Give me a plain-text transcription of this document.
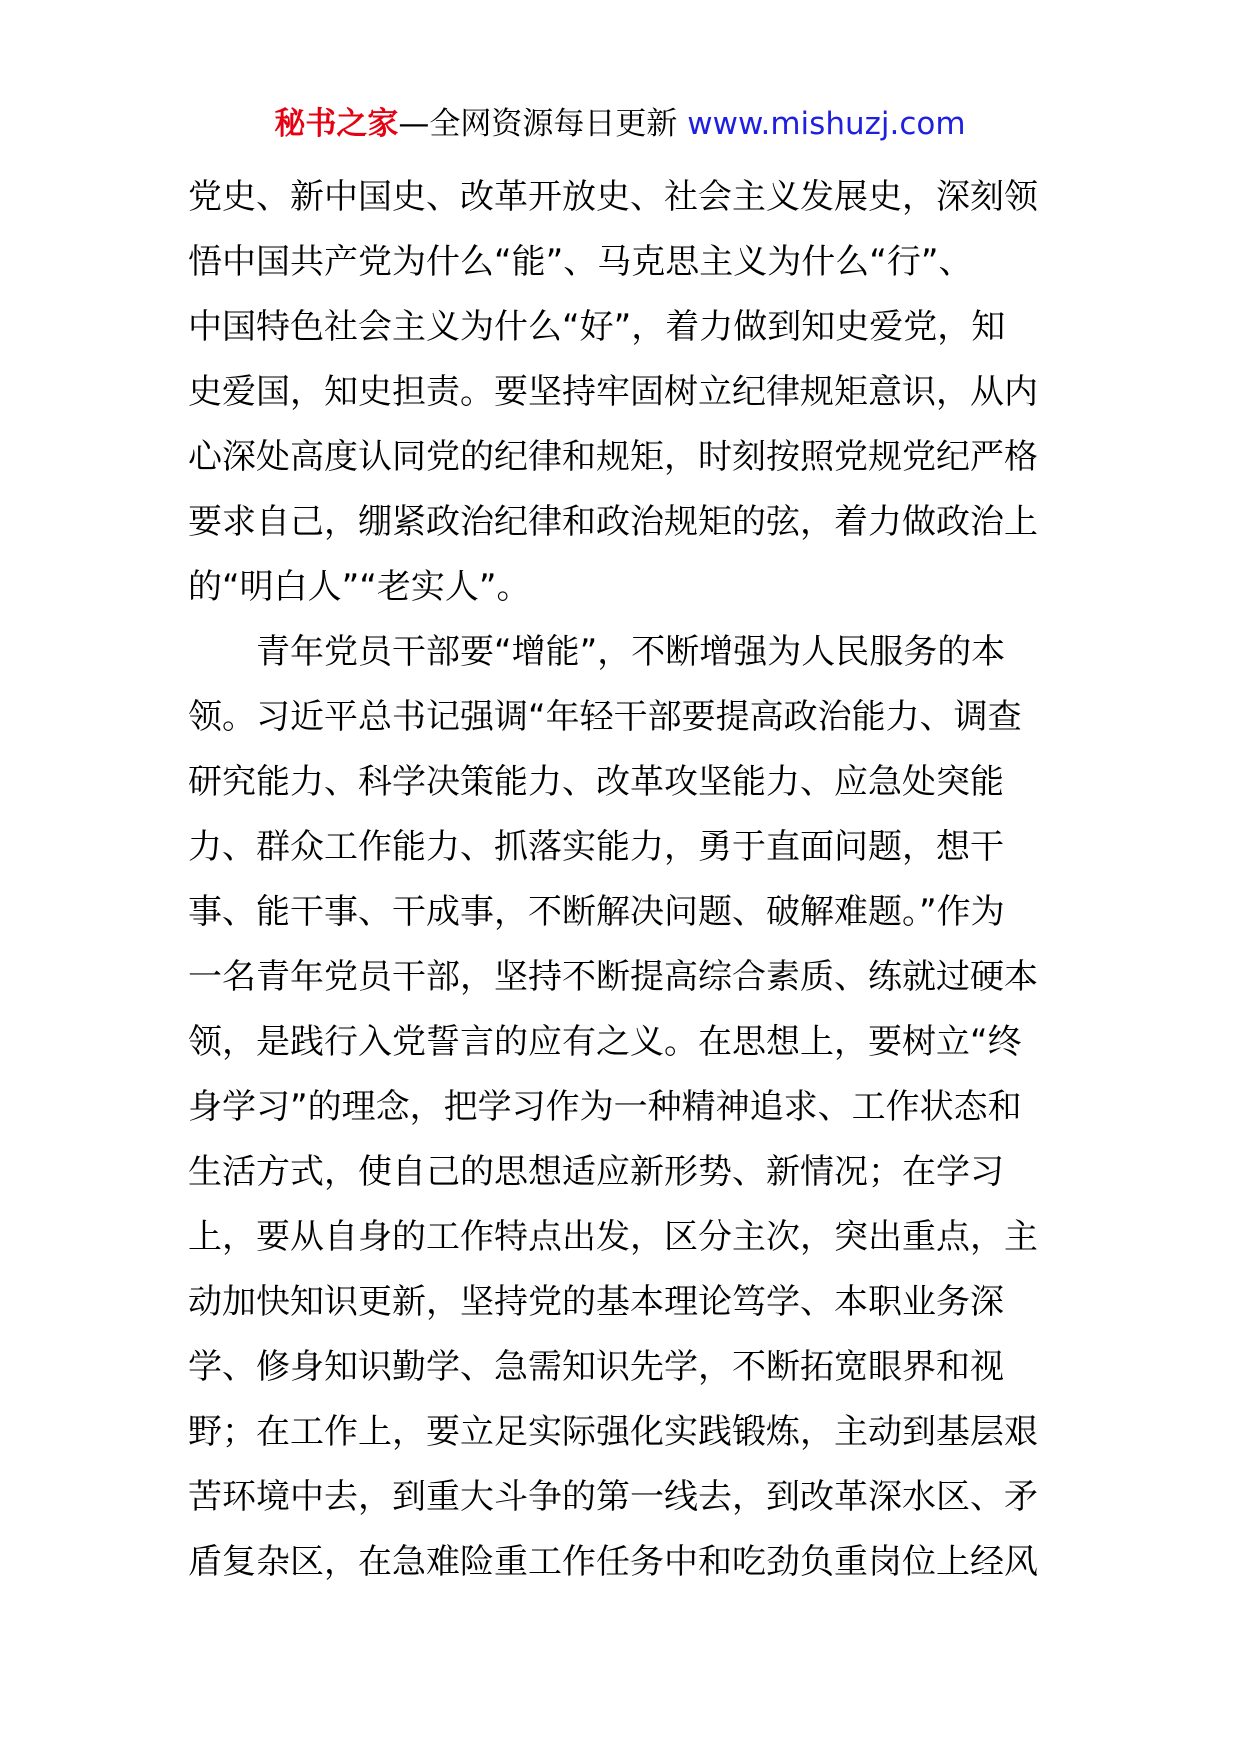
秘书之家—全网资源每日更新 www.mishuzj.com
党史、新中国史、改革开放史、社会主义发展史，深刻领
悟中国共产党为什么“能”、马克思主义为什么“行”、
中国特色社会主义为什么“好”，着力做到知史爱党，知
史爱国，知史担责。要坚持牢固树立纪律规矩意识，从内
心深处高度认同党的纪律和规矩，时刻按照党规党纪严格
要求自己，绷紧政治纪律和政治规矩的弦，着力做政治上
的“明白人”“老实人”。
青年党员干部要“增能”，不断增强为人民服务的本
领。习近平总书记强调“年轻干部要提高政治能力、调查
研究能力、科学决策能力、改革攻坚能力、应急处突能
力、群众工作能力、抓落实能力，勇于直面问题，想干
事、能干事、干成事，不断解决问题、破解难题。”作为
一名青年党员干部，坚持不断提高综合素质、练就过硬本
领，是践行入党誓言的应有之义。在思想上，要树立“终
身学习”的理念，把学习作为一种精神追求、工作状态和
生活方式，使自己的思想适应新形势、新情况；在学习
上，要从自身的工作特点出发，区分主次，突出重点，主
动加快知识更新，坚持党的基本理论笃学、本职业务深
学、修身知识勤学、急需知识先学，不断拓宽眼界和视
野；在工作上，要立足实际强化实践锻炼，主动到基层艰
苦环境中去，到重大斗争的第一线去，到改革深水区、矛
盾复杂区，在急难险重工作任务中和吃劲负重岗位上经风
